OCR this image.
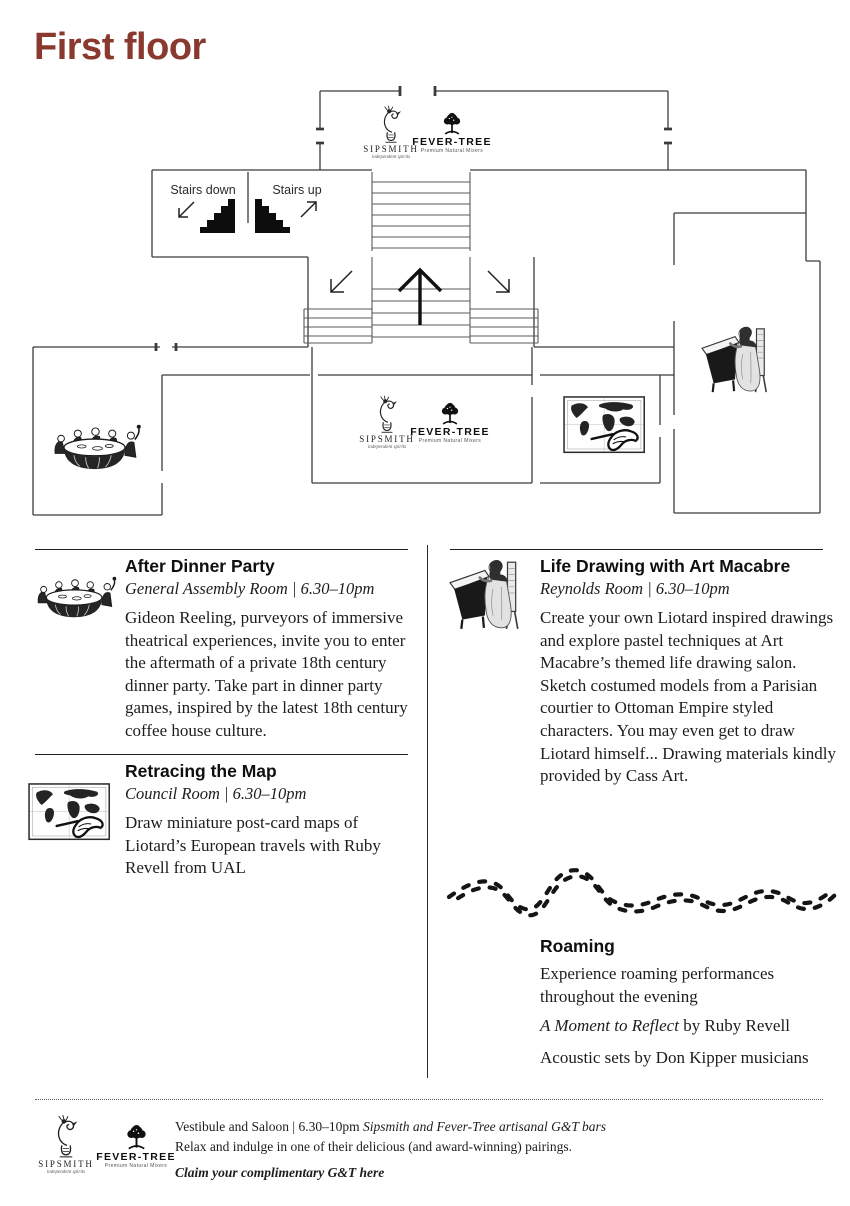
First floor
Stairs down	Stairs up
SIPSMITH
independent spirits
FEVER-TREE
Premium Natural Mixers
SIPSMITH
independent spirits
FEVER-TREE
Premium Natural Mixers
After Dinner Party
General Assembly Room | 6.30–10pm
Gideon Reeling, purveyors of immersive theatrical experiences, invite you to enter the aftermath of a private 18th century dinner party. Take part in dinner party games, inspired by the latest 18th century coffee house culture.
Retracing the Map
Council Room | 6.30–10pm
Draw miniature post-card maps of Liotard’s European travels with Ruby Revell from UAL
Life Drawing with Art Macabre
Reynolds Room | 6.30–10pm
Create your own Liotard inspired drawings and explore pastel techniques at Art Macabre’s themed life drawing salon. Sketch costumed models from a Parisian courtier to Ottoman Empire styled characters. You may even get to draw Liotard himself... Drawing materials kindly provided by Cass Art.
Roaming
Experience roaming performances throughout the evening
A Moment to Reflect by Ruby Revell
Acoustic sets by Don Kipper musicians
SIPSMITH
independent spirits
FEVER-TREE
Premium Natural Mixers
Vestibule and Saloon | 6.30–10pm Sipsmith and Fever-Tree artisanal G&T bars
Relax and indulge in one of their delicious (and award-winning) pairings.
Claim your complimentary G&T here
